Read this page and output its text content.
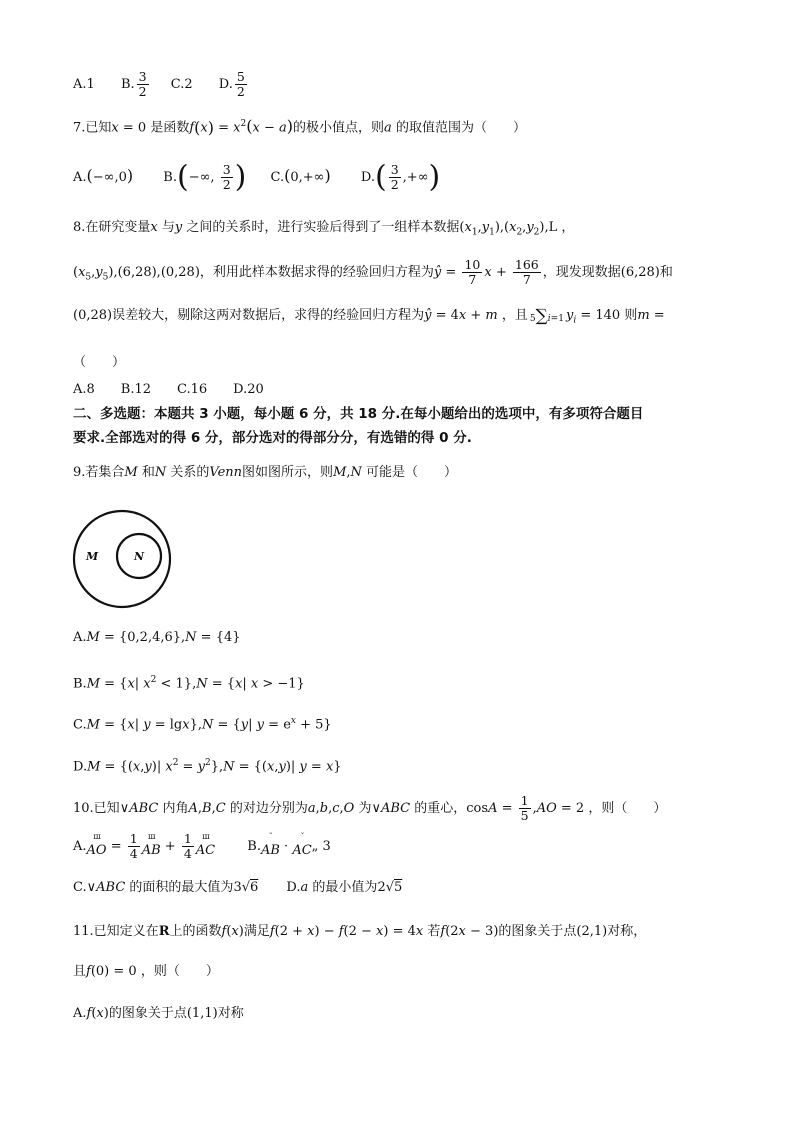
A.1 B. $\frac{3}{2} C.2$ D. $\frac{5}{2}$
7.已知x = 0 是函数$f(x) = x^2(x - a)$的极小值点，则a 的取值范围为（　　）
A.(−∞,0) B.(−∞, $\frac{3}{2}$ ) C.(0,+∞) $D.( \frac{3}{2}$ ,+∞)
8.在研究变量x 与y 之间的关系时，进行实验后得到了一组样本数据$(x_1,y_1),(x_2,y_2),L$ ，
$(x_5,y_5),(6,28),(0,28)$，利用此样本数据求得的经验回归方程为ŷ = $\frac{10}{7}$ $x + \frac{166}{7}$ ，现发现数据(6,28)和
(0,28)误差较大，剔除这两对数据后，求得的经验回归方程为ŷ = 4x + m ，且 5∑i=1 $y_i = 140$ 则m =
（　　）
A.8　　B.12　　C.16　　D.20
二、多选题：本题共 3 小题，每小题 6 分，共 18 分.在每小题给出的选项中，有多项符合题目
要求.全部选对的得 6 分，部分选对的得部分分，有选错的得 0 分.
9.若集合M 和N 关系的Venn图如图所示，则M,N 可能是（　　）
M	N
A.M = {0,2,4,6},N = {4}
B.M = {x| $x^2 < 1\},N = \{x|$ x > −1}
C.M = {x| y = lgx},N = {y| $y = e^x + 5$}
D.M = {(x,y)| $x^2 = y^2\},N = \{(x,y)|$ y = x}
10.已知∨ABC 内角A,B,C 的对边分别为a,b,c,O 为∨ABC 的重心，$\cos A = \frac{1}{5} ,AO = 2$ ，则（　　）
A.
ш
AO = $\frac{1}{4}$	ш
AB + $\frac{1}{4}$	ш
AC B.
˘
AB ·
˘
AC„ 3
C.∨ABC 的面积的最大值为3√6 D.a 的最小值为2√5
11.已知定义在R上的函数f(x)满足f(2 + x) − f(2 − x) = 4x 若f(2x − 3)的图象关于点(2,1)对称，
且f(0) = 0 ，则（　　）
A.f(x)的图象关于点(1,1)对称
